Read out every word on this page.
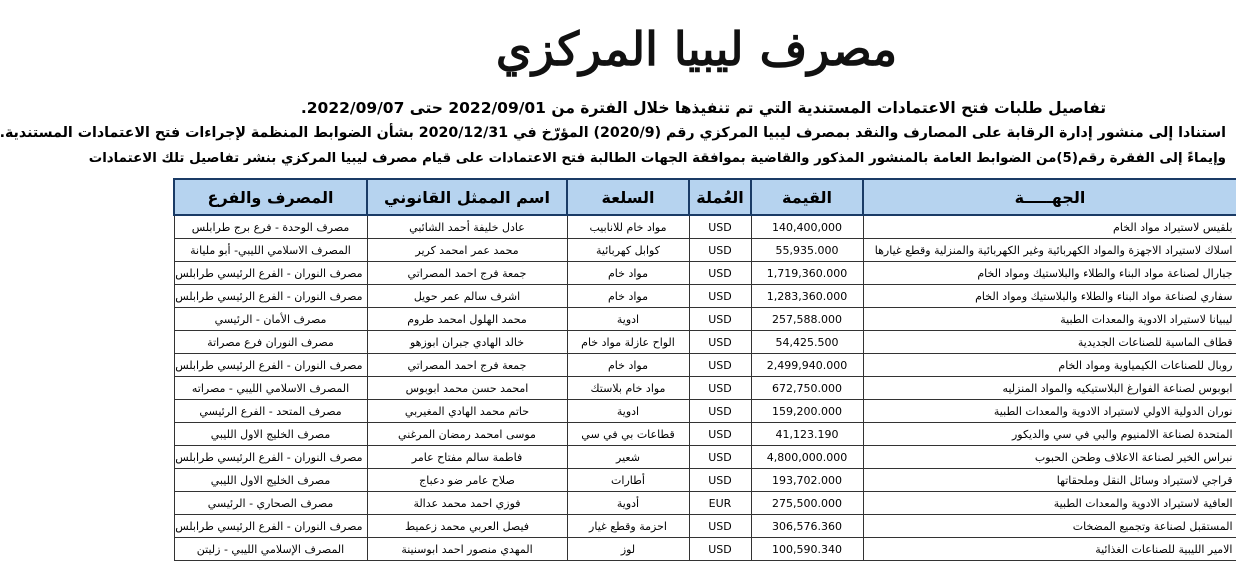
مصرف ليبيا المركزي
تفاصيل طلبات فتح الاعتمادات المستندية التي تم تنفيذها خلال الفترة من 2022/09/01 حتى 2022/09/07.
استنادا إلى منشور إدارة الرقابة على المصارف والنقد بمصرف ليبيا المركزي رقم (2020/9) المؤرّخ في 2020/12/31 بشأن الضوابط المنظمة لإجراءات فتح الاعتمادات المستندية.
وإيماءً إلى الفقرة رقم(5)من الضوابط العامة بالمنشور المذكور والقاضية بموافقة الجهات الطالبة فتح الاعتمادات على قيام مصرف ليبيا المركزي بنشر تفاصيل تلك الاعتمادات
الجهـــــة	القيمة	العُملة	السلعة	اسم الممثل القانوني	المصرف والفرع
بلقيس لاستيراد مواد الخام	140,400,000	USD	مواد خام للانابيب	عادل خليفة أحمد الشائبي	مصرف الوحدة - فرع برج طرابلس
اسلاك لاستيراد الاجهزة والمواد الكهربائية وغير الكهربائية والمنزلية وقطع غيارها	55,935.000	USD	كوابل كهربائية	محمد عمر امحمد كرير	المصرف الاسلامي الليبي- أبو مليانة
جبارال لصناعة مواد البناء والطلاء والبلاستيك ومواد الخام	1,719,360.000	USD	مواد خام	جمعة فرج احمد المصراتي	مصرف النوران - الفرع الرئيسي طرابلس
سفاري لصناعة مواد البناء والطلاء والبلاستيك ومواد الخام	1,283,360.000	USD	مواد خام	اشرف سالم عمر حويل	مصرف النوران - الفرع الرئيسي طرابلس
ليبيانا لاستيراد الادوية والمعدات الطبية	257,588.000	USD	ادوية	محمد الهلول امحمد طروم	مصرف الأمان - الرئيسي
قطاف الماسية للصناعات الجديدية	54,425.500	USD	الواح عازلة مواد خام	خالد الهادي جبران ابوزهو	مصرف النوران فرع مصراتة
روبال للصناعات الكيمياوية ومواد الخام	2,499,940.000	USD	مواد خام	جمعة فرج احمد المصراتي	مصرف النوران - الفرع الرئيسي طرابلس
ابوبوس لصناعة الفوارغ البلاستيكيه والمواد المنزليه	672,750.000	USD	مواد خام بلاستك	امحمد حسن محمد ابوبوس	المصرف الاسلامي الليبي - مصراته
نوران الدولية الاولي لاستيراد الادوية والمعدات الطبية	159,200.000	USD	ادوية	حاتم محمد الهادي المغيربي	مصرف المتحد - الفرع الرئيسي
المتحدة لصناعة الالمنيوم والبي في سي والديكور	41,123.190	USD	قطاعات بي في سي	موسى امحمد رمضان المرغني	مصرف الخليج الاول الليبي
نبراس الخير لصناعة الاعلاف وطحن الحبوب	4,800,000.000	USD	شعير	فاطمة سالم مفتاح عامر	مصرف النوران - الفرع الرئيسي طرابلس
قراجي لاستيراد وسائل النقل وملحقاتها	193,702.000	USD	أطارات	صلاح عامر ضو دعباج	مصرف الخليج الاول الليبي
العافية لاستيراد الادوية والمعدات الطبية	275,500.000	EUR	أدوية	فوزي احمد محمد عدالة	مصرف الصحاري - الرئيسي
المستقبل لصناعة وتجميع المضخات	306,576.360	USD	احزمة وقطع غيار	فيصل العربي محمد زعميط	مصرف النوران - الفرع الرئيسي طرابلس
الامير الليبية للصناعات الغذائية	100,590.340	USD	لوز	المهدي منصور احمد ابوسنينة	المصرف الإسلامي الليبي - زليتن
